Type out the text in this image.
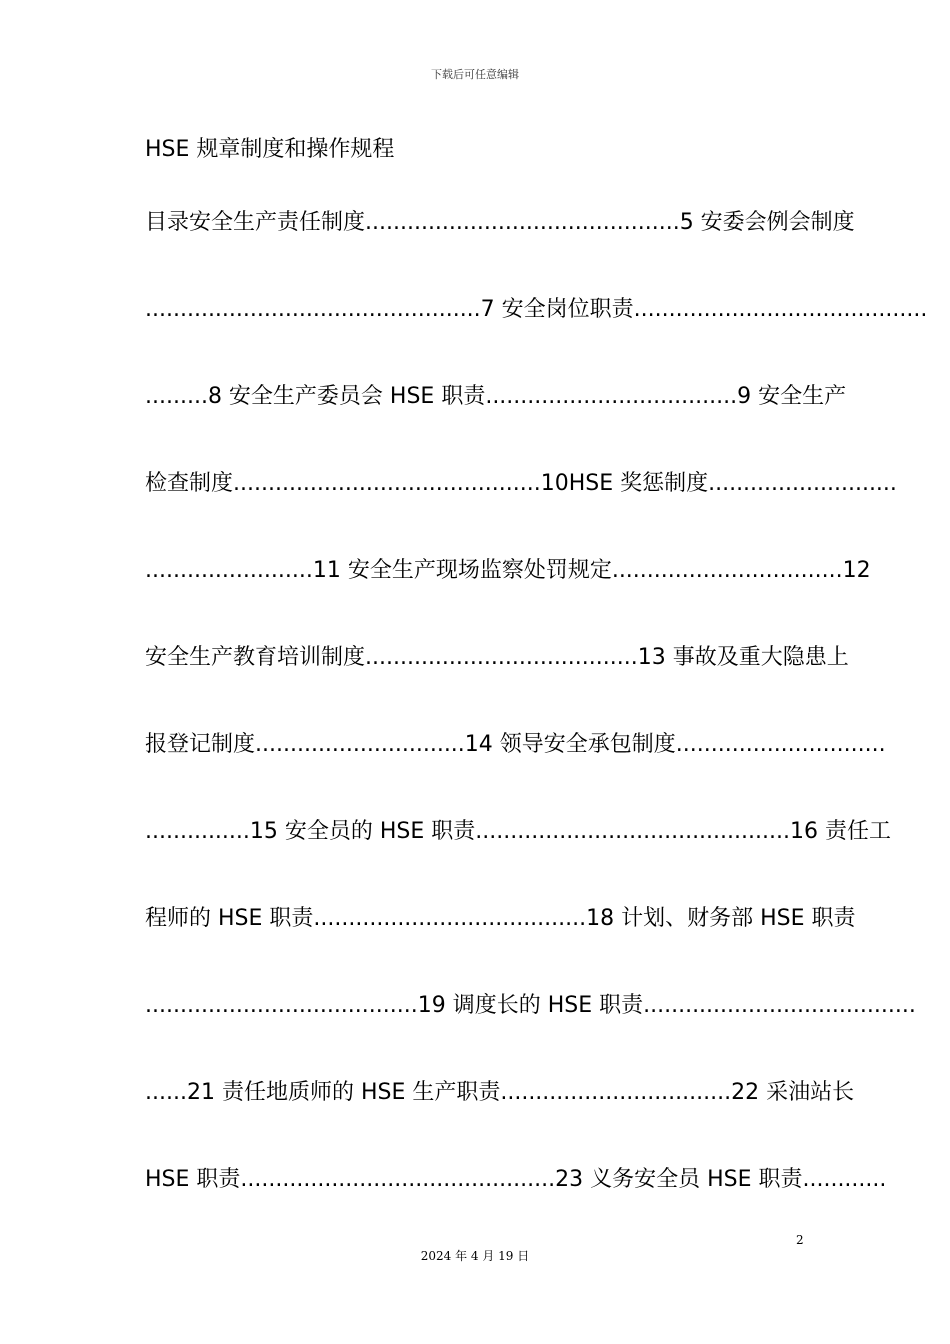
下载后可任意编辑
HSE 规章制度和操作规程
目录安全生产责任制度.............................................5 安委会例会制度
................................................7 安全岗位职责..........................................
.........8 安全生产委员会 HSE 职责....................................9 安全生产
检查制度............................................10HSE 奖惩制度...........................
........................11 安全生产现场监察处罚规定.................................12
安全生产教育培训制度.......................................13 事故及重大隐患上
报登记制度..............................14 领导安全承包制度..............................
...............15 安全员的 HSE 职责.............................................16 责任工
程师的 HSE 职责.......................................18 计划、财务部 HSE 职责
.......................................19 调度长的 HSE 职责.......................................
......21 责任地质师的 HSE 生产职责.................................22 采油站长
HSE 职责.............................................23 义务安全员 HSE 职责............
2
2024 年 4 月 19 日
